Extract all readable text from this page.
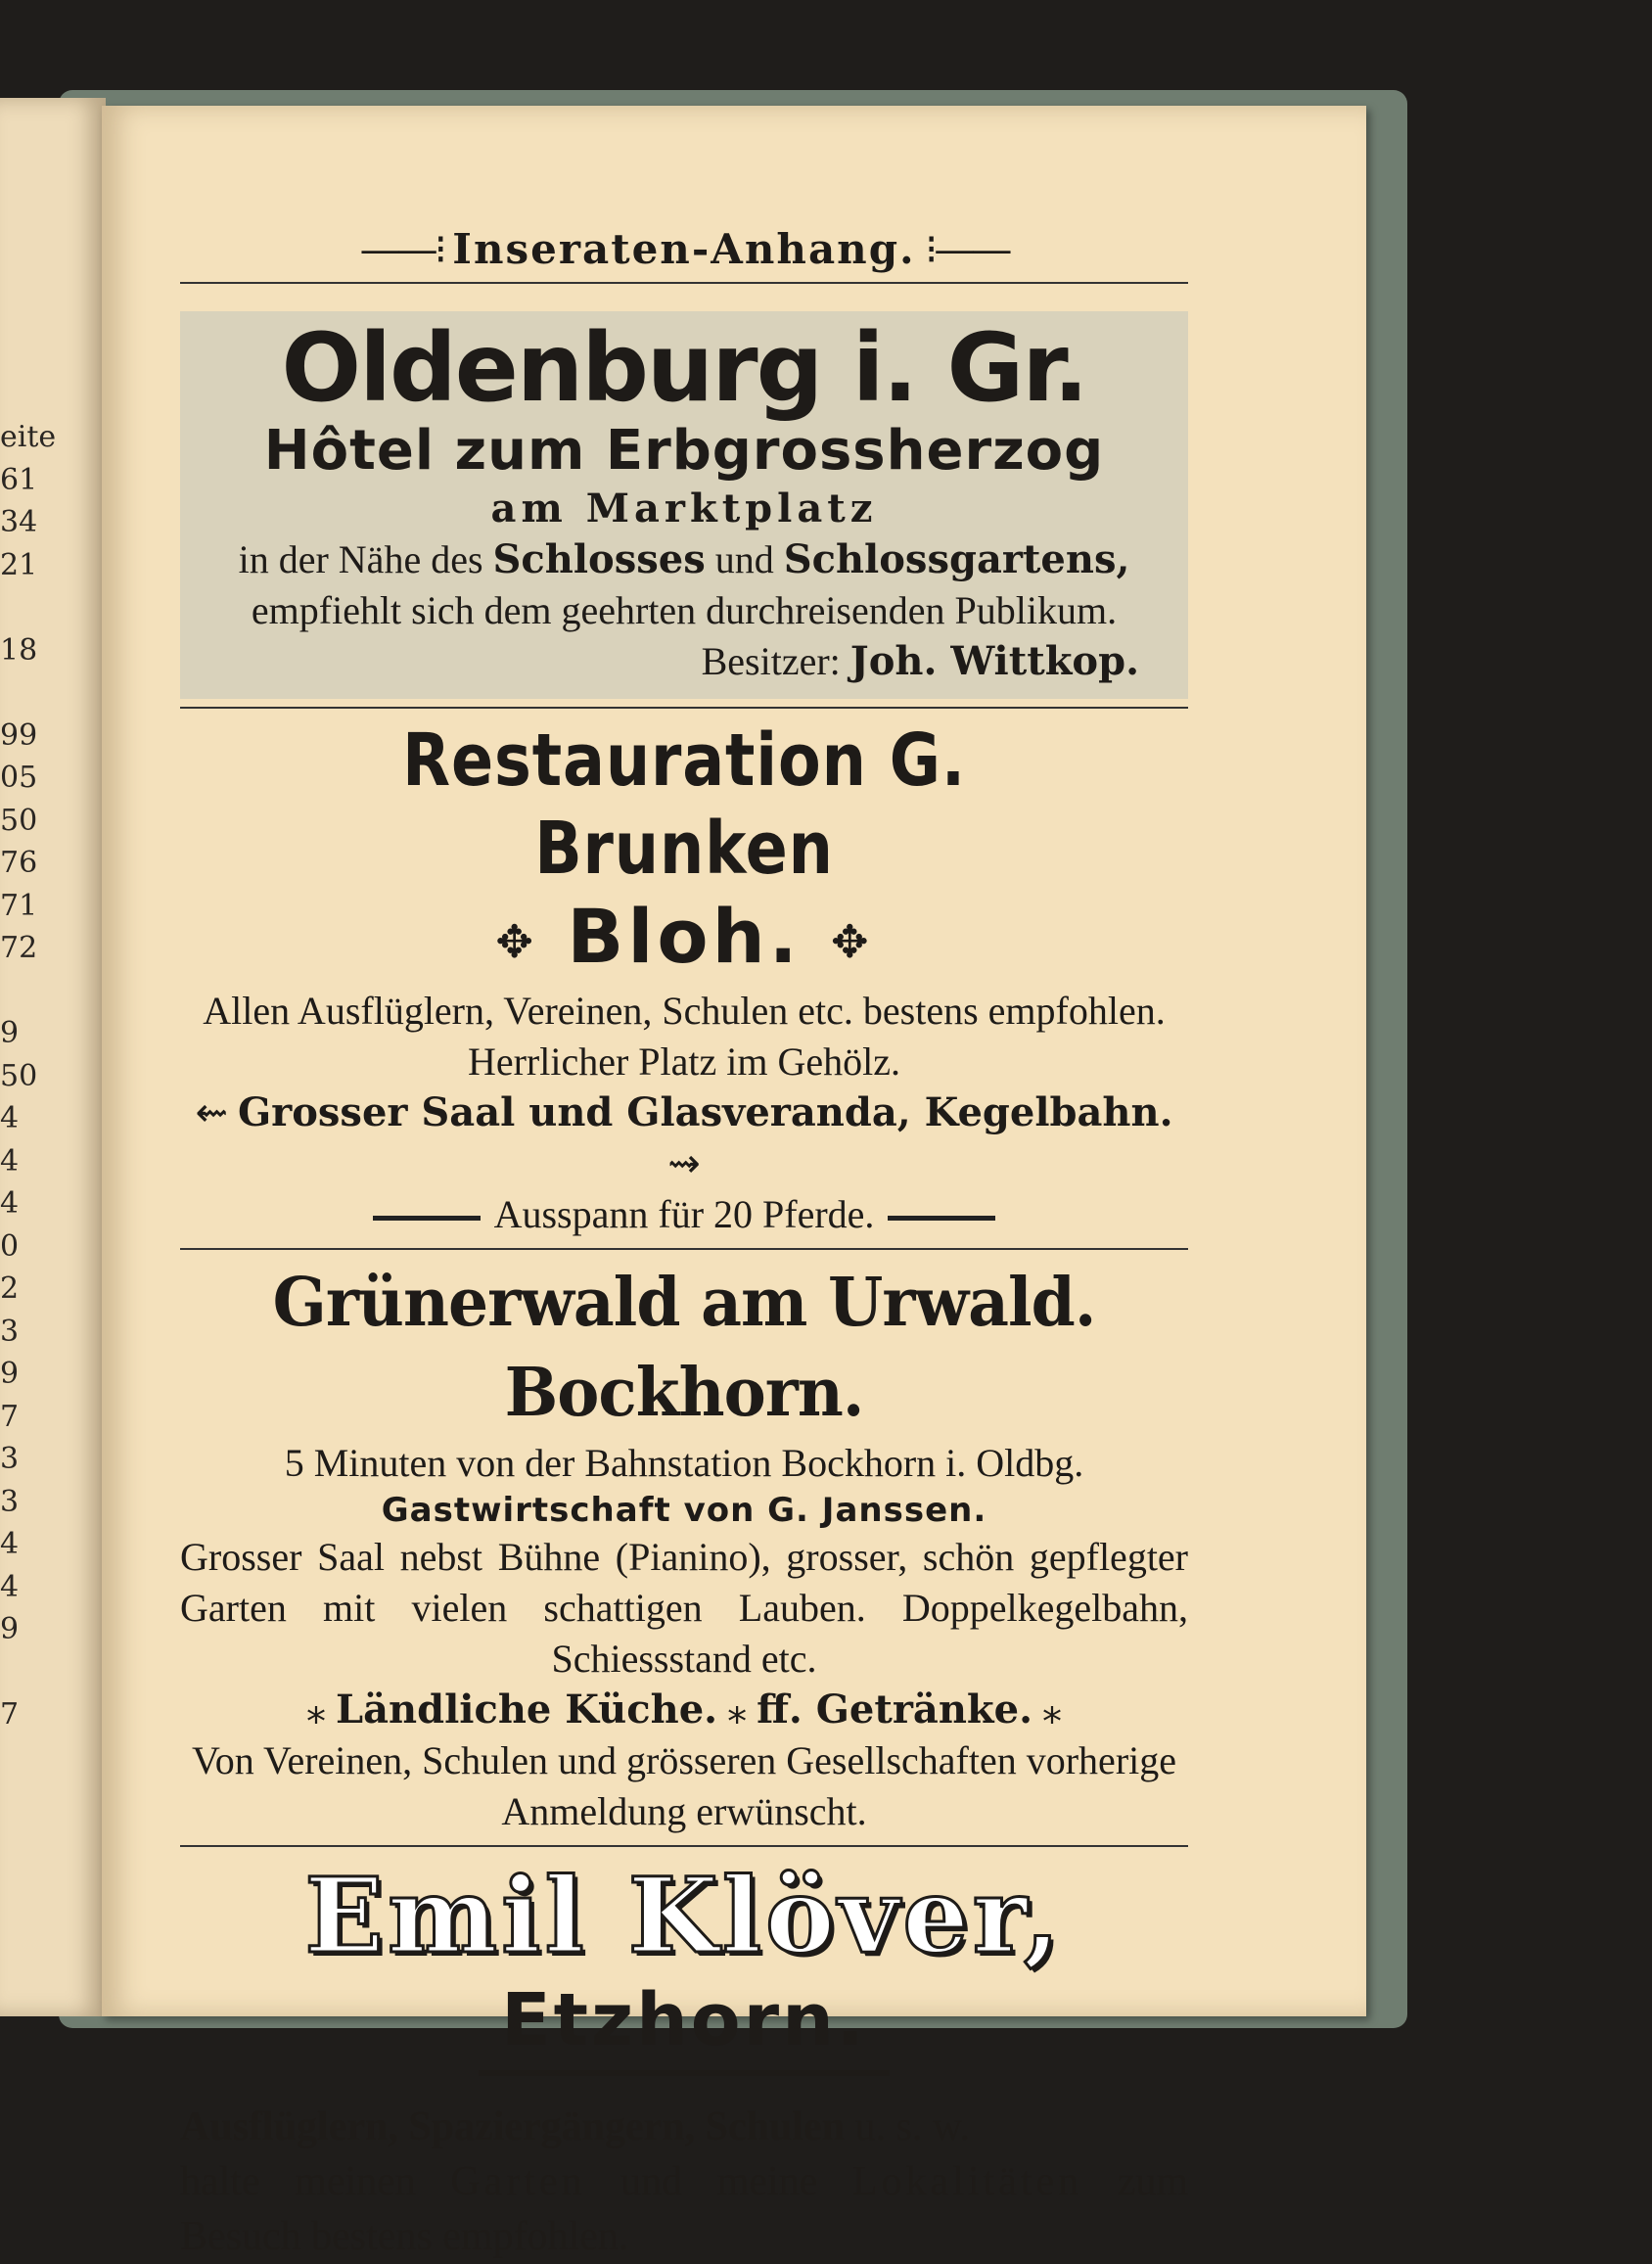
eite
61
34
21
18
99
05
50
76
71
72
9
50
4
4
4
0
2
3
9
7
3
3
4
4
9
7
——⁝ Inseraten-Anhang. ⁝——
Oldenburg i. Gr.
Hôtel zum Erbgrossherzog
am Marktplatz
in der Nähe des Schlosses und Schlossgartens,
empfiehlt sich dem geehrten durchreisenden Publikum.
Besitzer: Joh. Wittkop.
Restauration G. Brunken
✥ Bloh. ✥
Allen Ausflüglern, Vereinen, Schulen etc. bestens empfohlen.
Herrlicher Platz im Gehölz.
⇜ Grosser Saal und Glasveranda, Kegelbahn. ⇝
Ausspann für 20 Pferde.
Grünerwald am Urwald. Bockhorn.
5 Minuten von der Bahnstation Bockhorn i. Oldbg.
Gastwirtschaft von G. Janssen.
Grosser Saal nebst Bühne (Pianino), grosser, schön gepflegter Garten mit vielen schattigen Lauben. Doppelkegelbahn, Schiessstand etc.
⁎ Ländliche Küche. ⁎ ff. Getränke. ⁎
Von Vereinen, Schulen und grösseren Gesellschaften vorherige Anmeldung erwünscht.
Emil Klöver,
Etzhorn.
Ausflüglern, Spaziergängern, Schulen u. s. w.
halte meinen Garten und meine Lokalitäten zum
Besuch bestens empfohlen.
